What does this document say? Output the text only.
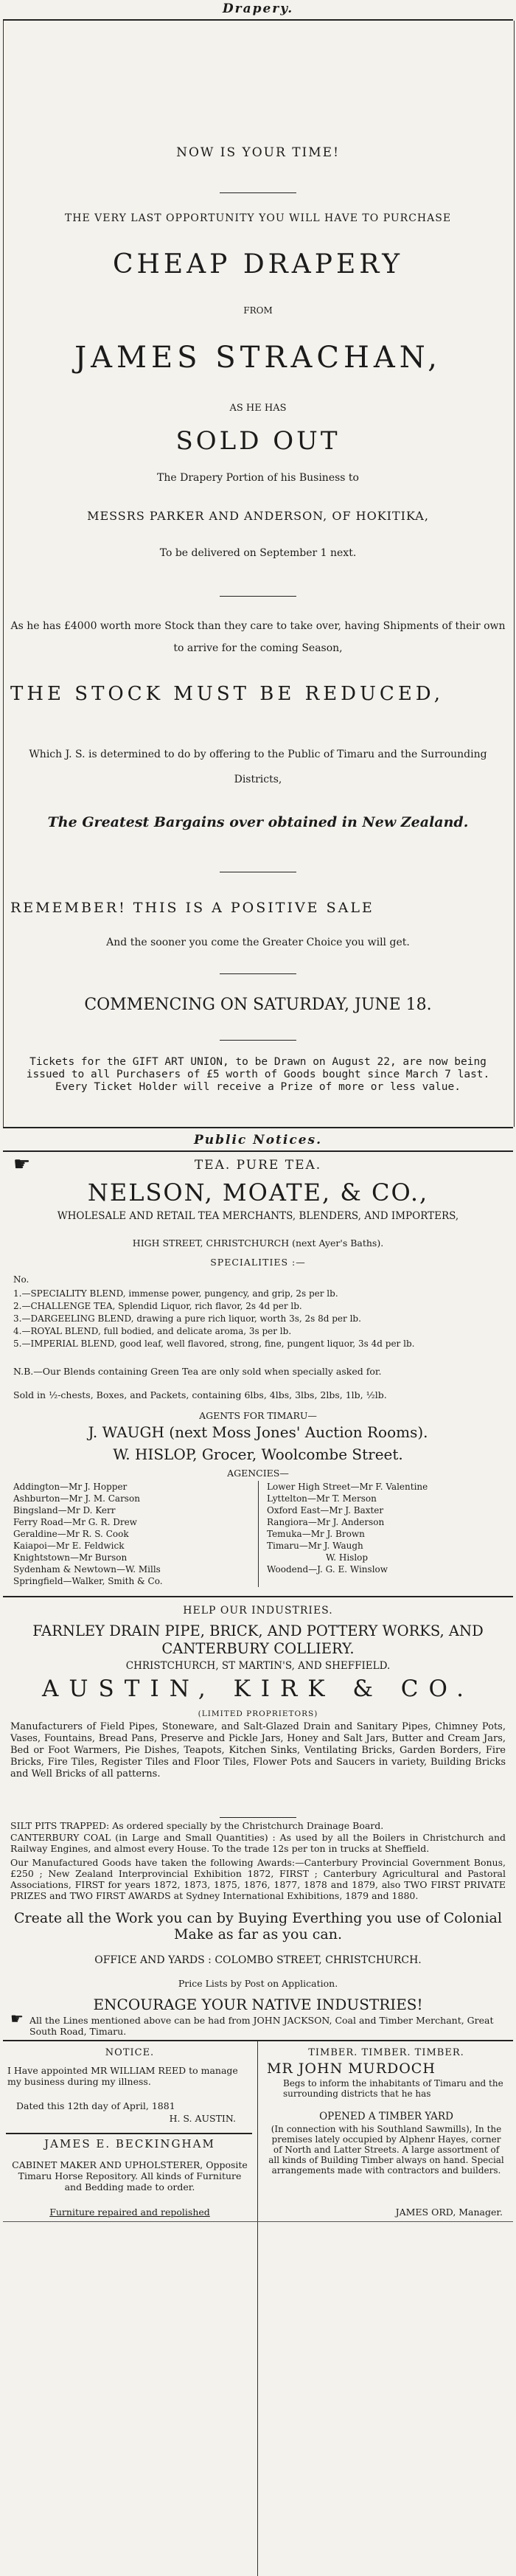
Drapery.
NOW IS YOUR TIME!
THE VERY LAST OPPORTUNITY YOU WILL HAVE TO PURCHASE
CHEAP DRAPERY
FROM
JAMES STRACHAN,
AS HE HAS
SOLD OUT
The Drapery Portion of his Business to
MESSRS PARKER AND ANDERSON, OF HOKITIKA,
To be delivered on September 1 next.
As he has £4000 worth more Stock than they care to take over, having Shipments of their own to arrive for the coming Season,
THE STOCK MUST BE REDUCED,
Which J. S. is determined to do by offering to the Public of Timaru and the Surrounding Districts,
The Greatest Bargains over obtained in New Zealand.
REMEMBER! THIS IS A POSITIVE SALE
And the sooner you come the Greater Choice you will get.
COMMENCING ON SATURDAY, JUNE 18.
Tickets for the GIFT ART UNION, to be Drawn on August 22, are now being issued to all Purchasers of £5 worth of Goods bought since March 7 last. Every Ticket Holder will receive a Prize of more or less value.
Public Notices.
☛	TEA. PURE TEA.
NELSON, MOATE, & CO.,
WHOLESALE AND RETAIL TEA MERCHANTS, BLENDERS, AND IMPORTERS,
HIGH STREET, CHRISTCHURCH (next Ayer's Baths).
SPECIALITIES :—
No.

1.—SPECIALITY BLEND, immense power, pungency, and grip, 2s per lb.

2.—CHALLENGE TEA, Splendid Liquor, rich flavor, 2s 4d per lb.

3.—DARGEELING BLEND, drawing a pure rich liquor, worth 3s, 2s 8d per lb.

4.—ROYAL BLEND, full bodied, and delicate aroma, 3s per lb.

5.—IMPERIAL BLEND, good leaf, well flavored, strong, fine, pungent liquor, 3s 4d per lb.

N.B.—Our Blends containing Green Tea are only sold when specially asked for.
Sold in ½-chests, Boxes, and Packets, containing 6lbs, 4lbs, 3lbs, 2lbs, 1lb, ½lb.
AGENTS FOR TIMARU—
J. WAUGH (next Moss Jones' Auction Rooms).
W. HISLOP, Grocer, Woolcombe Street.
AGENCIES—

Addington—Mr J. Hopper

Ashburton—Mr J. M. Carson

Bingsland—Mr D. Kerr

Ferry Road—Mr G. R. Drew

Geraldine—Mr R. S. Cook

Kaiapoi—Mr E. Feldwick

Knightstown—Mr Burson

Sydenham & Newtown—W. Mills

Springfield—Walker, Smith & Co.

Lower High Street—Mr F. Valentine

Lyttelton—Mr T. Merson

Oxford East—Mr J. Baxter

Rangiora—Mr J. Anderson

Temuka—Mr J. Brown

Timaru—Mr J. Waugh

W. Hislop

Woodend—J. G. E. Winslow

HELP OUR INDUSTRIES.
FARNLEY DRAIN PIPE, BRICK, AND POTTERY WORKS, AND CANTERBURY COLLIERY.
CHRISTCHURCH, ST MARTIN'S, AND SHEFFIELD.
AUSTIN, KIRK & CO.
(LIMITED PROPRIETORS)
Manufacturers of Field Pipes, Stoneware, and Salt-Glazed Drain and Sanitary Pipes, Chimney Pots, Vases, Fountains, Bread Pans, Preserve and Pickle Jars, Honey and Salt Jars, Butter and Cream Jars, Bed or Foot Warmers, Pie Dishes, Teapots, Kitchen Sinks, Ventilating Bricks, Garden Borders, Fire Bricks, Fire Tiles, Register Tiles and Floor Tiles, Flower Pots and Saucers in variety, Building Bricks and Well Bricks of all patterns.
SILT PITS TRAPPED: As ordered specially by the Christchurch Drainage Board.
CANTERBURY COAL (in Large and Small Quantities) : As used by all the Boilers in Christchurch and Railway Engines, and almost every House. To the trade 12s per ton in trucks at Sheffield.
Our Manufactured Goods have taken the following Awards:—Canterbury Provincial Government Bonus, £250 ; New Zealand Interprovincial Exhibition 1872, FIRST ; Canterbury Agricultural and Pastoral Associations, FIRST for years 1872, 1873, 1875, 1876, 1877, 1878 and 1879, also TWO FIRST PRIVATE PRIZES and TWO FIRST AWARDS at Sydney International Exhibitions, 1879 and 1880.
Create all the Work you can by Buying Everthing you use of Colonial Make as far as you can.
OFFICE AND YARDS : COLOMBO STREET, CHRISTCHURCH.
Price Lists by Post on Application.
ENCOURAGE YOUR NATIVE INDUSTRIES!
☛ All the Lines mentioned above can be had from JOHN JACKSON, Coal and Timber Merchant, Great South Road, Timaru.
NOTICE.
I Have appointed MR WILLIAM REED to manage my business during my illness.
Dated this 12th day of April, 1881
H. S. AUSTIN.
JAMES E. BECKINGHAM
CABINET MAKER AND UPHOLSTERER, Opposite Timaru Horse Repository. All kinds of Furniture and Bedding made to order.
Furniture repaired and repolished
TIMBER. TIMBER. TIMBER.
MR JOHN MURDOCH
Begs to inform the inhabitants of Timaru and the surrounding districts that he has
OPENED A TIMBER YARD
(In connection with his Southland Sawmills), In the premises lately occupied by Alphenr Hayes, corner of North and Latter Streets. A large assortment of all kinds of Building Timber always on hand. Special arrangements made with contractors and builders.
JAMES ORD, Manager.
